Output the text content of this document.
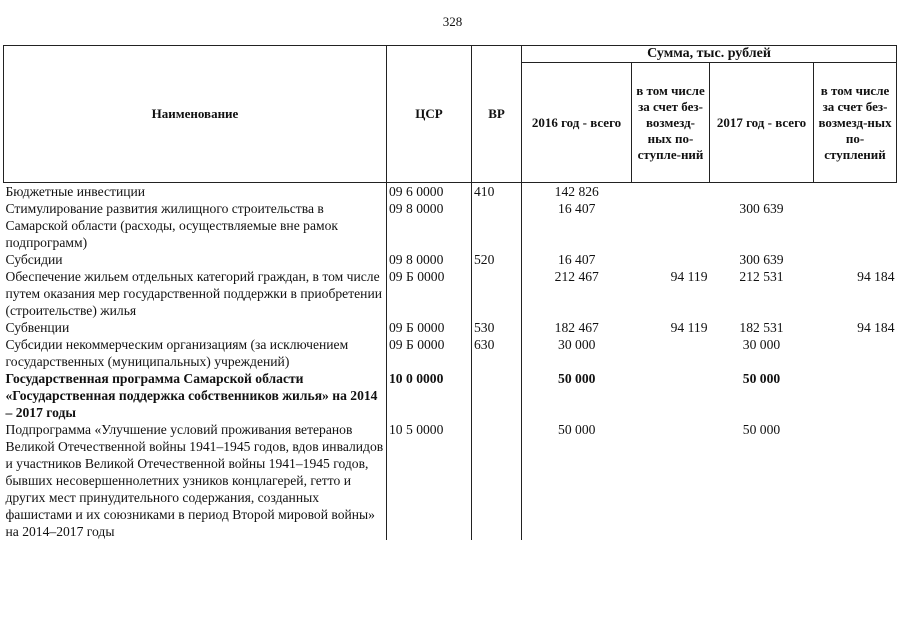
328
Наименование	ЦСР	ВР	Сумма, тыс. рублей			
			2016 год - всего	в том числе за счет без-возмезд-ных по-ступле-ний	2017 год - всего	в том числе за счет без-возмезд-ных по-ступлений
Бюджетные инвестиции	09 6 0000	410	142 826			
Стимулирование развития жилищного строительства в Самарской области (расходы, осуществляемые вне рамок подпрограмм)	09 8 0000		16 407		300 639	
Субсидии	09 8 0000	520	16 407		300 639	
Обеспечение жильем отдельных категорий граждан, в том числе путем оказания мер государственной поддержки в приобретении (строительстве) жилья	09 Б 0000		212 467	94 119	212 531	94 184
Субвенции	09 Б 0000	530	182 467	94 119	182 531	94 184
Субсидии некоммерческим организациям (за исключением государственных (муниципальных) учреждений)	09 Б 0000	630	30 000		30 000	
Государственная программа Самарской области «Государственная поддержка собственников жилья» на 2014 – 2017 годы	10 0 0000		50 000		50 000	
Подпрограмма «Улучшение условий проживания ветеранов Великой Отечественной войны 1941–1945 годов, вдов инвалидов и участников Великой Отечественной войны 1941–1945 годов, бывших несовершеннолетних узников концлагерей, гетто и других мест принудительного содержания, созданных фашистами и их союзниками в период Второй мировой войны» на 2014–2017 годы	10 5 0000		50 000		50 000	
